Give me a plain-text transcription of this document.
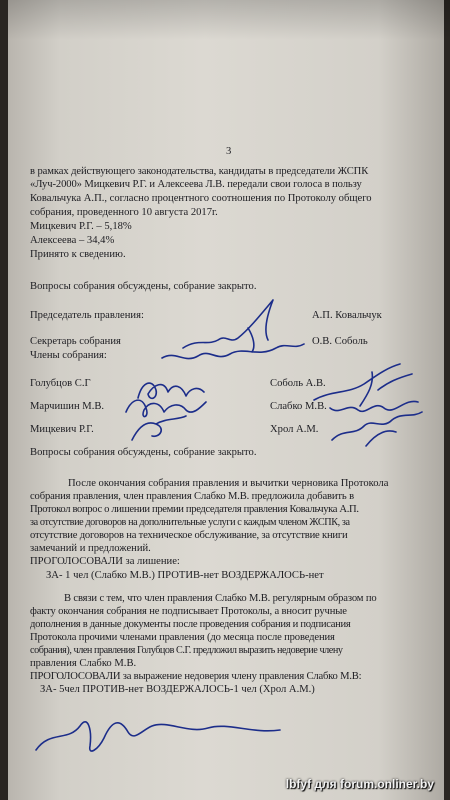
3
в рамках действующего законодательства, кандидаты в председатели ЖСПК
«Луч-2000» Мицкевич Р.Г. и Алексеева Л.В. передали свои голоса в пользу
Ковальчука А.П., согласно процентного соотношения по Протоколу общего
собрания, проведенного 10 августа 2017г.
Мицкевич Р.Г. – 5,18%
Алексеева – 34,4%
Принято к сведению.
Вопросы собрания обсуждены, собрание закрыто.
Председатель правления:	А.П. Ковальчук
Секретарь собрания	О.В. Соболь
Члены собрания:
Голубцов С.Г	Соболь А.В.
Марчишин М.В.	Слабко М.В.
Мицкевич Р.Г.	Хрол А.М.
Вопросы собрания обсуждены, собрание закрыто.
После окончания собрания правления и вычитки черновика Протокола
собрания правления, член правления Слабко М.В. предложила добавить в
Протокол вопрос о лишении премии председателя правления Ковальчука А.П.
за отсутствие договоров на дополнительные услуги с каждым членом ЖСПК, за
отсутствие договоров на техническое обслуживание, за отсутствие книги
замечаний и предложений.
ПРОГОЛОСОВАЛИ за лишение:
ЗА- 1 чел (Слабко М.В.) ПРОТИВ-нет ВОЗДЕРЖАЛОСЬ-нет
В связи с тем, что член правления Слабко М.В. регулярным образом по
факту окончания собрания не подписывает Протоколы, а вносит ручные
дополнения в данные документы после проведения собрания и подписания
Протокола прочими членами правления (до месяца после проведения
собрания), член правления Голубцов С.Г. предложил выразить недоверие члену
правления Слабко М.В.
ПРОГОЛОСОВАЛИ за выражение недоверия члену правления Слабко М.В:
ЗА- 5чел ПРОТИВ-нет ВОЗДЕРЖАЛОСЬ-1 чел (Хрол А.М.)
lbfyf для forum.onliner.by
